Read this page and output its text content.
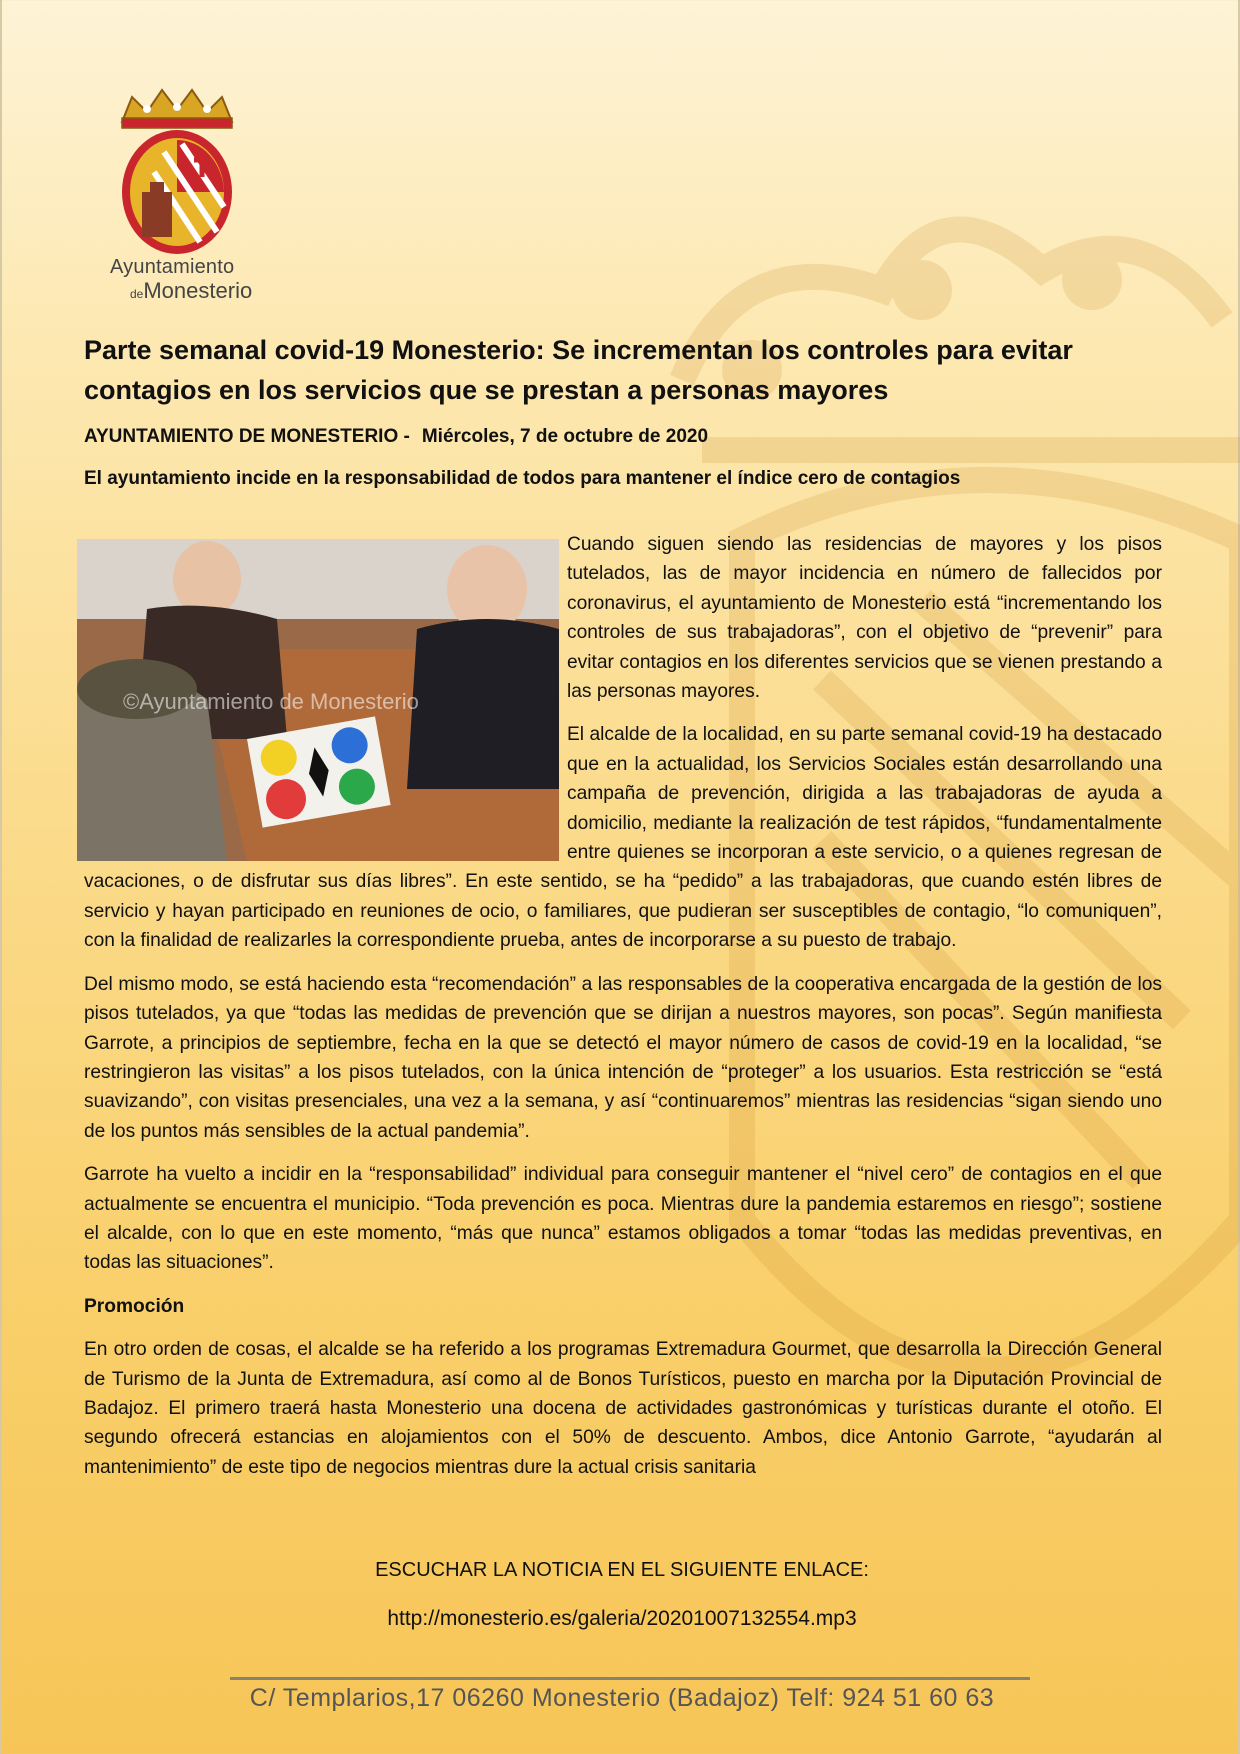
Ayuntamiento
deMonesterio
Parte semanal covid-19 Monesterio: Se incrementan los controles para evitar contagios en los servicios que se prestan a personas mayores
AYUNTAMIENTO DE MONESTERIO - Miércoles, 7 de octubre de 2020
El ayuntamiento incide en la responsabilidad de todos para mantener el índice cero de contagios
©Ayuntamiento de Monesterio

Cuando siguen siendo las residencias de mayores y los pisos tutelados, las de mayor incidencia en número de fallecidos por coronavirus, el ayuntamiento de Monesterio está “incrementando los controles de sus trabajadoras”, con el objetivo de “prevenir” para evitar contagios en los diferentes servicios que se vienen prestando a las personas mayores.

El alcalde de la localidad, en su parte semanal covid-19 ha destacado que en la actualidad, los Servicios Sociales están desarrollando una campaña de prevención, dirigida a las trabajadoras de ayuda a domicilio, mediante la realización de test rápidos, “fundamentalmente entre quienes se incorporan a este servicio, o a quienes regresan de vacaciones, o de disfrutar sus días libres”. En este sentido, se ha “pedido” a las trabajadoras, que cuando estén libres de servicio y hayan participado en reuniones de ocio, o familiares, que pudieran ser susceptibles de contagio, “lo comuniquen”, con la finalidad de realizarles la correspondiente prueba, antes de incorporarse a su puesto de trabajo.

Del mismo modo, se está haciendo esta “recomendación” a las responsables de la cooperativa encargada de la gestión de los pisos tutelados, ya que “todas las medidas de prevención que se dirijan a nuestros mayores, son pocas”. Según manifiesta Garrote, a principios de septiembre, fecha en la que se detectó el mayor número de casos de covid-19 en la localidad, “se restringieron las visitas” a los pisos tutelados, con la única intención de “proteger” a los usuarios. Esta restricción se “está suavizando”, con visitas presenciales, una vez a la semana, y así “continuaremos” mientras las residencias “sigan siendo uno de los puntos más sensibles de la actual pandemia”.

Garrote ha vuelto a incidir en la “responsabilidad” individual para conseguir mantener el “nivel cero” de contagios en el que actualmente se encuentra el municipio. “Toda prevención es poca. Mientras dure la pandemia estaremos en riesgo”; sostiene el alcalde, con lo que en este momento, “más que nunca” estamos obligados a tomar “todas las medidas preventivas, en todas las situaciones”.

Promoción

En otro orden de cosas, el alcalde se ha referido a los programas Extremadura Gourmet, que desarrolla la Dirección General de Turismo de la Junta de Extremadura, así como al de Bonos Turísticos, puesto en marcha por la Diputación Provincial de Badajoz. El primero traerá hasta Monesterio una docena de actividades gastronómicas y turísticas durante el otoño. El segundo ofrecerá estancias en alojamientos con el 50% de descuento. Ambos, dice Antonio Garrote, “ayudarán al mantenimiento” de este tipo de negocios mientras dure la actual crisis sanitaria

ESCUCHAR LA NOTICIA EN EL SIGUIENTE ENLACE:
http://monesterio.es/galeria/20201007132554.mp3
C/ Templarios,17 06260 Monesterio (Badajoz) Telf: 924 51 60 63
